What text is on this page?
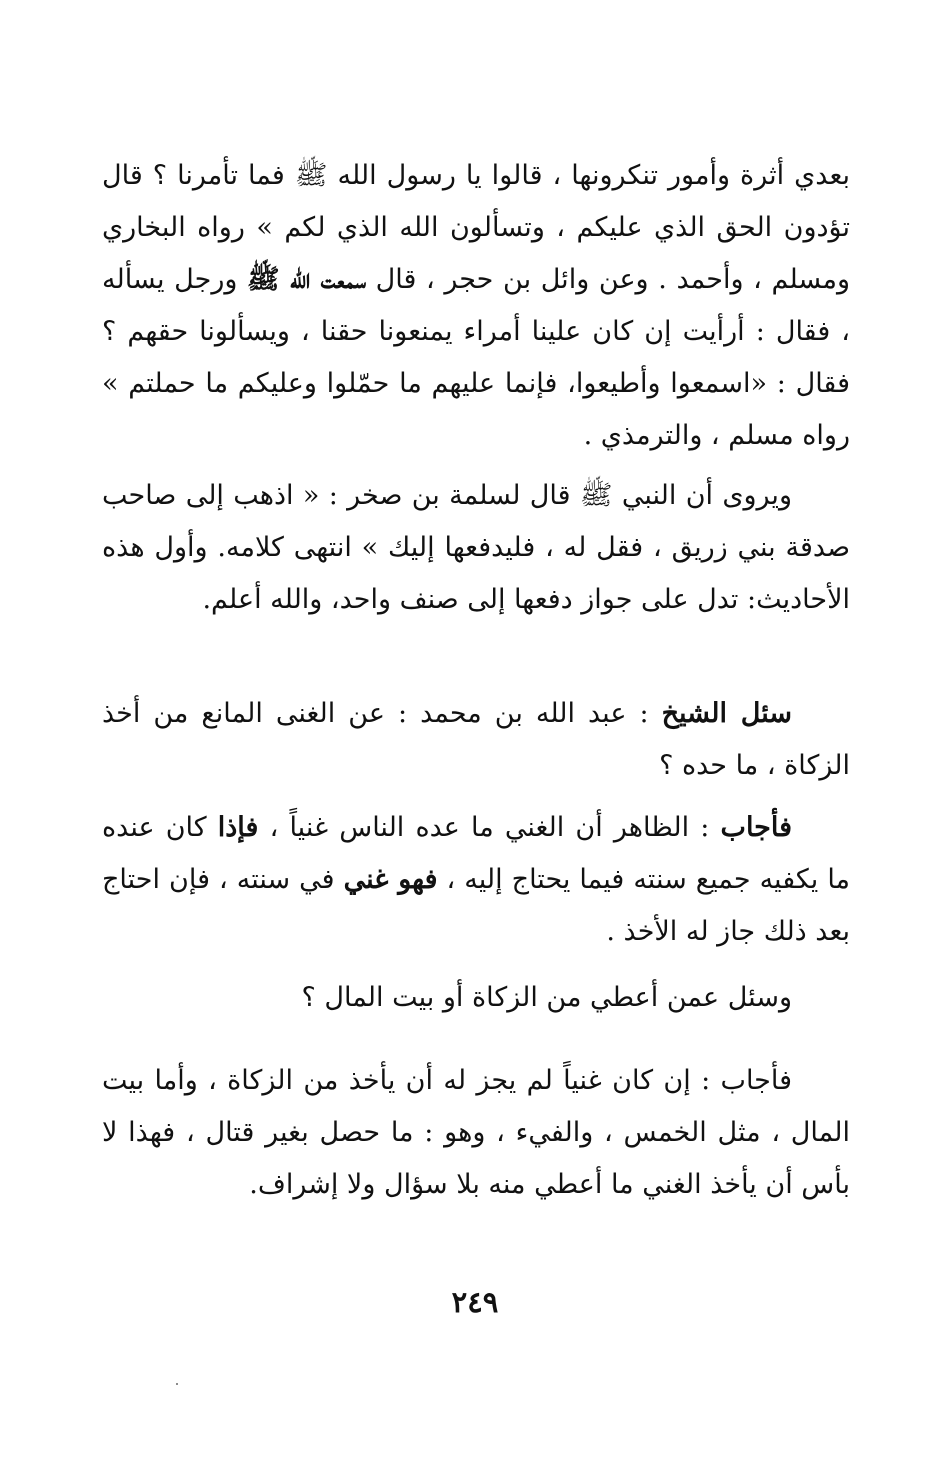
بعدي أثرة وأمور تنكرونها ، قالوا يا رسول الله ﷺ فما تأمرنا ؟ قال تؤدون الحق الذي عليكم ، وتسألون الله الذي لكم » رواه البخاري ومسلم ، وأحمد . وعن وائل بن حجر ، قال سمعت الله ﷺ ورجل يسأله ، فقال : أرأيت إن كان علينا أمراء يمنعونا حقنا ، ويسألونا حقهم ؟ فقال : «اسمعوا وأطيعوا، فإنما عليهم ما حمّلوا وعليكم ما حملتم » رواه مسلم ، والترمذي .

ويروى أن النبي ﷺ قال لسلمة بن صخر : « اذهب إلى صاحب صدقة بني زريق ، فقل له ، فليدفعها إليك » انتهى كلامه. وأول هذه الأحاديث: تدل على جواز دفعها إلى صنف واحد، والله أعلم.

سئل الشيخ : عبد الله بن محمد : عن الغنى المانع من أخذ الزكاة ، ما حده ؟

فأجاب : الظاهر أن الغني ما عده الناس غنياً ، فإذا كان عنده ما يكفيه جميع سنته فيما يحتاج إليه ، فهو غني في سنته ، فإن احتاج بعد ذلك جاز له الأخذ .

وسئل عمن أعطي من الزكاة أو بيت المال ؟

فأجاب : إن كان غنياً لم يجز له أن يأخذ من الزكاة ، وأما بيت المال ، مثل الخمس ، والفيء ، وهو : ما حصل بغير قتال ، فهذا لا بأس أن يأخذ الغني ما أعطي منه بلا سؤال ولا إشراف.

٢٤٩
